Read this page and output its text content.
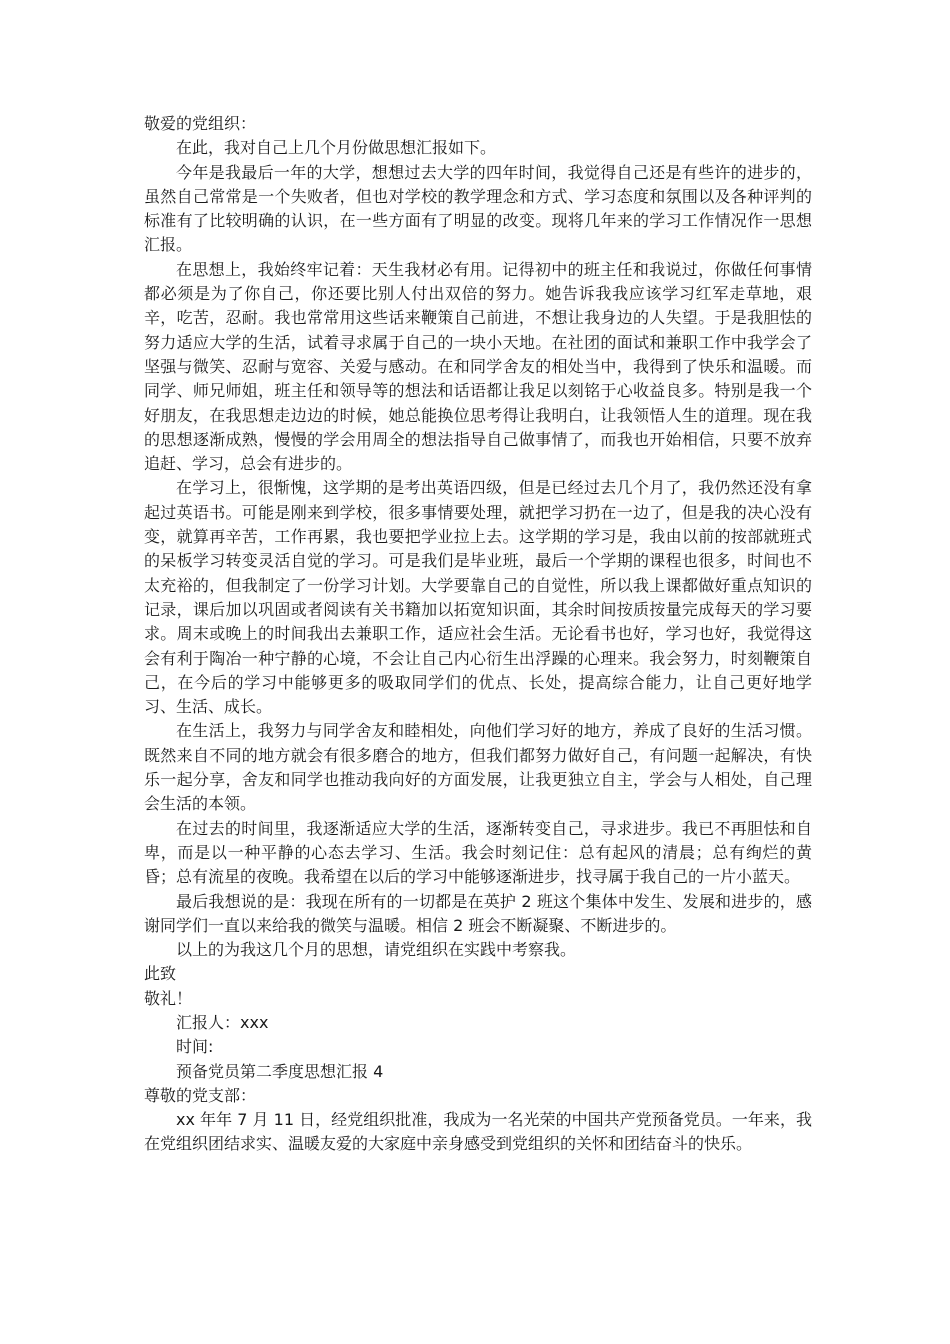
敬爱的党组织：

在此，我对自己上几个月份做思想汇报如下。

今年是我最后一年的大学，想想过去大学的四年时间，我觉得自己还是有些许的进步的，虽然自己常常是一个失败者，但也对学校的教学理念和方式、学习态度和氛围以及各种评判的标准有了比较明确的认识，在一些方面有了明显的改变。现将几年来的学习工作情况作一思想汇报。

在思想上，我始终牢记着：天生我材必有用。记得初中的班主任和我说过，你做任何事情都必须是为了你自己，你还要比别人付出双倍的努力。她告诉我我应该学习红军走草地，艰辛，吃苦，忍耐。我也常常用这些话来鞭策自己前进，不想让我身边的人失望。于是我胆怯的努力适应大学的生活，试着寻求属于自己的一块小天地。在社团的面试和兼职工作中我学会了坚强与微笑、忍耐与宽容、关爱与感动。在和同学舍友的相处当中，我得到了快乐和温暖。而同学、师兄师姐，班主任和领导等的想法和话语都让我足以刻铭于心收益良多。特别是我一个好朋友，在我思想走边边的时候，她总能换位思考得让我明白，让我领悟人生的道理。现在我的思想逐渐成熟，慢慢的学会用周全的想法指导自己做事情了，而我也开始相信，只要不放弃追赶、学习，总会有进步的。

在学习上，很惭愧，这学期的是考出英语四级，但是已经过去几个月了，我仍然还没有拿起过英语书。可能是刚来到学校，很多事情要处理，就把学习扔在一边了，但是我的决心没有变，就算再辛苦，工作再累，我也要把学业拉上去。这学期的学习是，我由以前的按部就班式的呆板学习转变灵活自觉的学习。可是我们是毕业班，最后一个学期的课程也很多，时间也不太充裕的，但我制定了一份学习计划。大学要靠自己的自觉性，所以我上课都做好重点知识的记录，课后加以巩固或者阅读有关书籍加以拓宽知识面，其余时间按质按量完成每天的学习要求。周末或晚上的时间我出去兼职工作，适应社会生活。无论看书也好，学习也好，我觉得这会有利于陶冶一种宁静的心境，不会让自己内心衍生出浮躁的心理来。我会努力，时刻鞭策自己，在今后的学习中能够更多的吸取同学们的优点、长处，提高综合能力，让自己更好地学习、生活、成长。

在生活上，我努力与同学舍友和睦相处，向他们学习好的地方，养成了良好的生活习惯。既然来自不同的地方就会有很多磨合的地方，但我们都努力做好自己，有问题一起解决，有快乐一起分享，舍友和同学也推动我向好的方面发展，让我更独立自主，学会与人相处，自己理会生活的本领。

在过去的时间里，我逐渐适应大学的生活，逐渐转变自己，寻求进步。我已不再胆怯和自卑，而是以一种平静的心态去学习、生活。我会时刻记住：总有起风的清晨；总有绚烂的黄昏；总有流星的夜晚。我希望在以后的学习中能够逐渐进步，找寻属于我自己的一片小蓝天。

最后我想说的是：我现在所有的一切都是在英护 2 班这个集体中发生、发展和进步的，感谢同学们一直以来给我的微笑与温暖。相信 2 班会不断凝聚、不断进步的。

以上的为我这几个月的思想，请党组织在实践中考察我。

此致

敬礼！

汇报人：xxx

时间:

预备党员第二季度思想汇报 4

尊敬的党支部：

xx 年年 7 月 11 日，经党组织批准，我成为一名光荣的中国共产党预备党员。一年来，我在党组织团结求实、温暖友爱的大家庭中亲身感受到党组织的关怀和团结奋斗的快乐。
